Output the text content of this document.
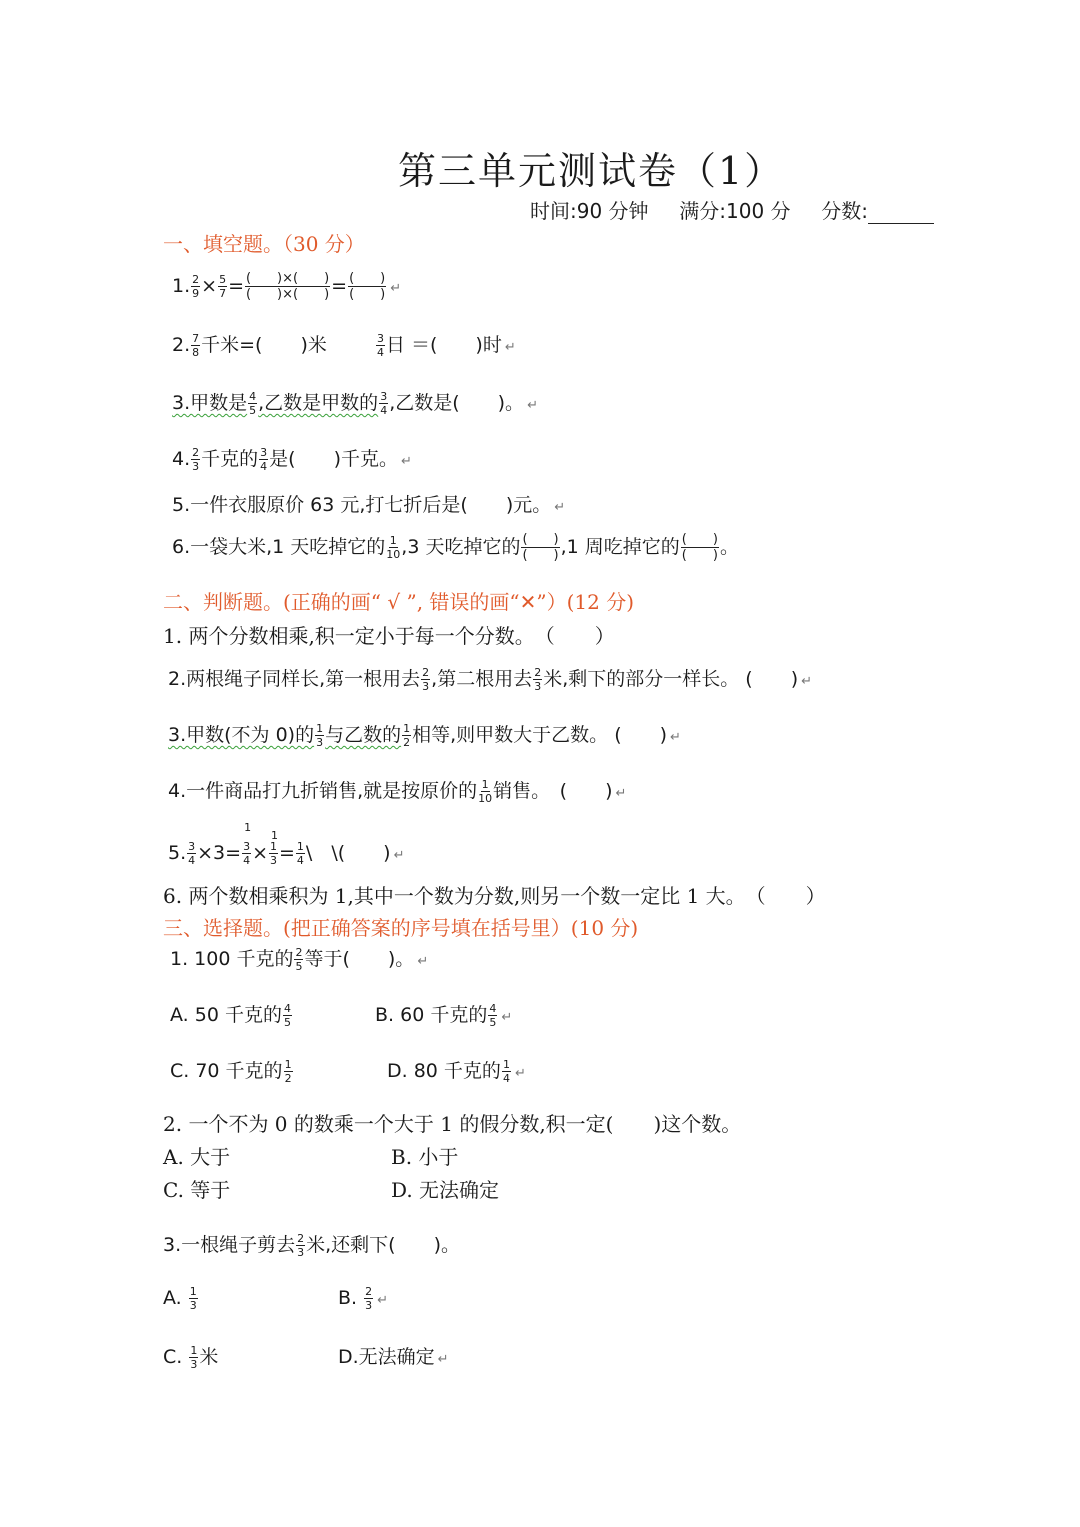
第三单元测试卷（1）
时间:90 分钟 满分:100 分 分数:
一、填空题。（30 分）
1. $\frac{2}{9} \times \frac{5}{7} = \frac{( )\times( )}{( )\times( )} = \frac{( )}{( )}$ ↵
2. $\frac{7}{8}$ 千米=(　　)米	$\frac{3}{4}$ 日 ＝(　　)时 ↵
3.甲数是 $\frac{4}{5}$ ,乙数是甲数的 $\frac{3}{4}$ ,乙数是(　　)。 ↵
4. $\frac{2}{3}$ 千克的 $\frac{3}{4}$ 是(　　)千克。 ↵
5.一件衣服原价 63 元,打七折后是(　　)元。 ↵
6.一袋大米,1 天吃掉它的 $\frac{1}{10} ,3$ 天吃掉它的 $\frac{( )}{( )} ,1$ 周吃掉它的 $\frac{( )}{( )}$ 。
二、判断题。(正确的画“ √ ”, 错误的画“✕”）(12 分)
1. 两个分数相乘,积一定小于每一个分数。　（　　）
2.两根绳子同样长,第一根用去 $\frac{2}{3}$ ,第二根用去 $\frac{2}{3}$ 米,剩下的部分一样长。 (　　) ↵
3.甲数(不为 0)的 $\frac{1}{3}$ 与乙数的 $\frac{1}{2}$ 相等,则甲数大于乙数。 (　　) ↵
4.一件商品打九折销售,就是按原价的 $\frac{1}{10}$ 销售。　(　　) ↵
5. $\frac{3}{4} \times 3=$
1
$\frac{3}{4}$ ×
1
$\frac{1}{3} = \frac{1}{4}$ \　\(　　) ↵
6. 两个数相乘积为 1,其中一个数为分数,则另一个数一定比 1 大。　（　　）
三、选择题。(把正确答案的序号填在括号里）(10 分)
1. 100 千克的 $\frac{2}{5}$ 等于(　　)。 ↵
A. 50 千克的 $\frac{4}{5}$	B. 60 千克的 $\frac{4}{5}$ ↵
C. 70 千克的 $\frac{1}{2}$	D. 80 千克的 $\frac{1}{4}$ ↵
2. 一个不为 0 的数乘一个大于 1 的假分数,积一定(　　)这个数。
A. 大于	B. 小于
C. 等于	D. 无法确定
3.一根绳子剪去 $\frac{2}{3}$ 米,还剩下(　　)。
A. $\frac{1}{3}$	B. $\frac{2}{3}$ ↵
C. $\frac{1}{3}$ 米	D.无法确定 ↵
